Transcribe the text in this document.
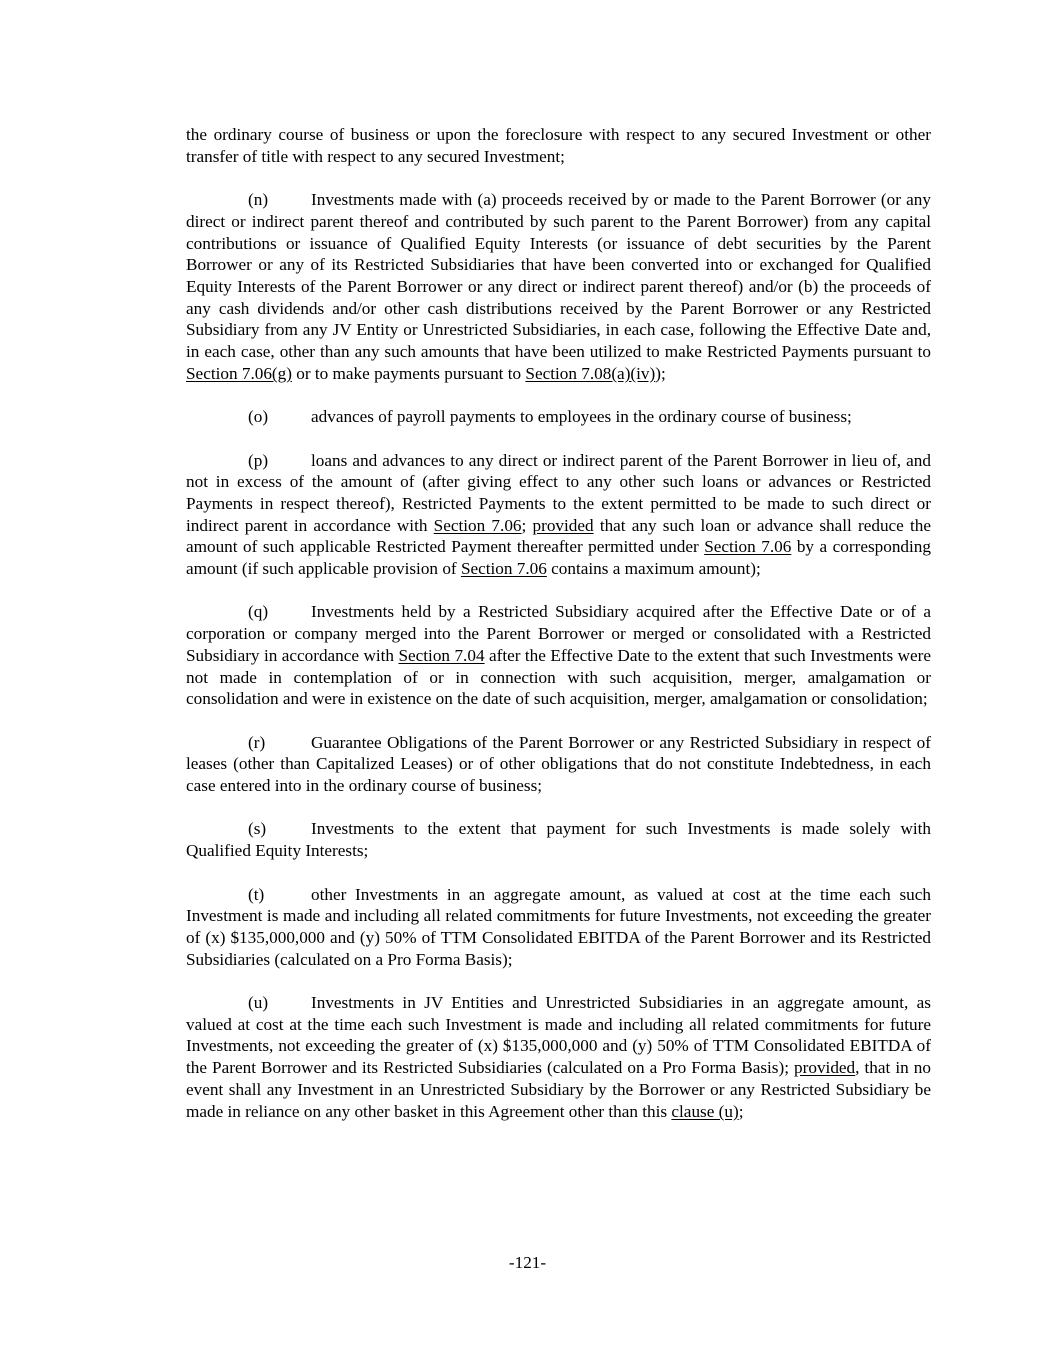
the ordinary course of business or upon the foreclosure with respect to any secured Investment or other transfer of title with respect to any secured Investment;

(n) Investments made with (a) proceeds received by or made to the Parent Borrower (or any direct or indirect parent thereof and contributed by such parent to the Parent Borrower) from any capital contributions or issuance of Qualified Equity Interests (or issuance of debt securities by the Parent Borrower or any of its Restricted Subsidiaries that have been converted into or exchanged for Qualified Equity Interests of the Parent Borrower or any direct or indirect parent thereof) and/or (b) the proceeds of any cash dividends and/or other cash distributions received by the Parent Borrower or any Restricted Subsidiary from any JV Entity or Unrestricted Subsidiaries, in each case, following the Effective Date and, in each case, other than any such amounts that have been utilized to make Restricted Payments pursuant to Section 7.06(g) or to make payments pursuant to Section 7.08(a)(iv));

(o) advances of payroll payments to employees in the ordinary course of business;

(p) loans and advances to any direct or indirect parent of the Parent Borrower in lieu of, and not in excess of the amount of (after giving effect to any other such loans or advances or Restricted Payments in respect thereof), Restricted Payments to the extent permitted to be made to such direct or indirect parent in accordance with Section 7.06; provided that any such loan or advance shall reduce the amount of such applicable Restricted Payment thereafter permitted under Section 7.06 by a corresponding amount (if such applicable provision of Section 7.06 contains a maximum amount);

(q) Investments held by a Restricted Subsidiary acquired after the Effective Date or of a corporation or company merged into the Parent Borrower or merged or consolidated with a Restricted Subsidiary in accordance with Section 7.04 after the Effective Date to the extent that such Investments were not made in contemplation of or in connection with such acquisition, merger, amalgamation or consolidation and were in existence on the date of such acquisition, merger, amalgamation or consolidation;

(r)	Guarantee Obligations of the Parent Borrower or any Restricted Subsidiary in respect of leases (other than Capitalized Leases) or of other obligations that do not constitute Indebtedness, in each case entered into in the ordinary course of business;

(s)	Investments to the extent that payment for such Investments is made solely with Qualified Equity Interests;

(t)	other Investments in an aggregate amount, as valued at cost at the time each such Investment is made and including all related commitments for future Investments, not exceeding the greater of (x) $135,000,000 and (y) 50% of TTM Consolidated EBITDA of the Parent Borrower and its Restricted Subsidiaries (calculated on a Pro Forma Basis);

(u) Investments in JV Entities and Unrestricted Subsidiaries in an aggregate amount, as valued at cost at the time each such Investment is made and including all related commitments for future Investments, not exceeding the greater of (x) $135,000,000 and (y) 50% of TTM Consolidated EBITDA of the Parent Borrower and its Restricted Subsidiaries (calculated on a Pro Forma Basis); provided, that in no event shall any Investment in an Unrestricted Subsidiary by the Borrower or any Restricted Subsidiary be made in reliance on any other basket in this Agreement other than this clause (u);

-121-
